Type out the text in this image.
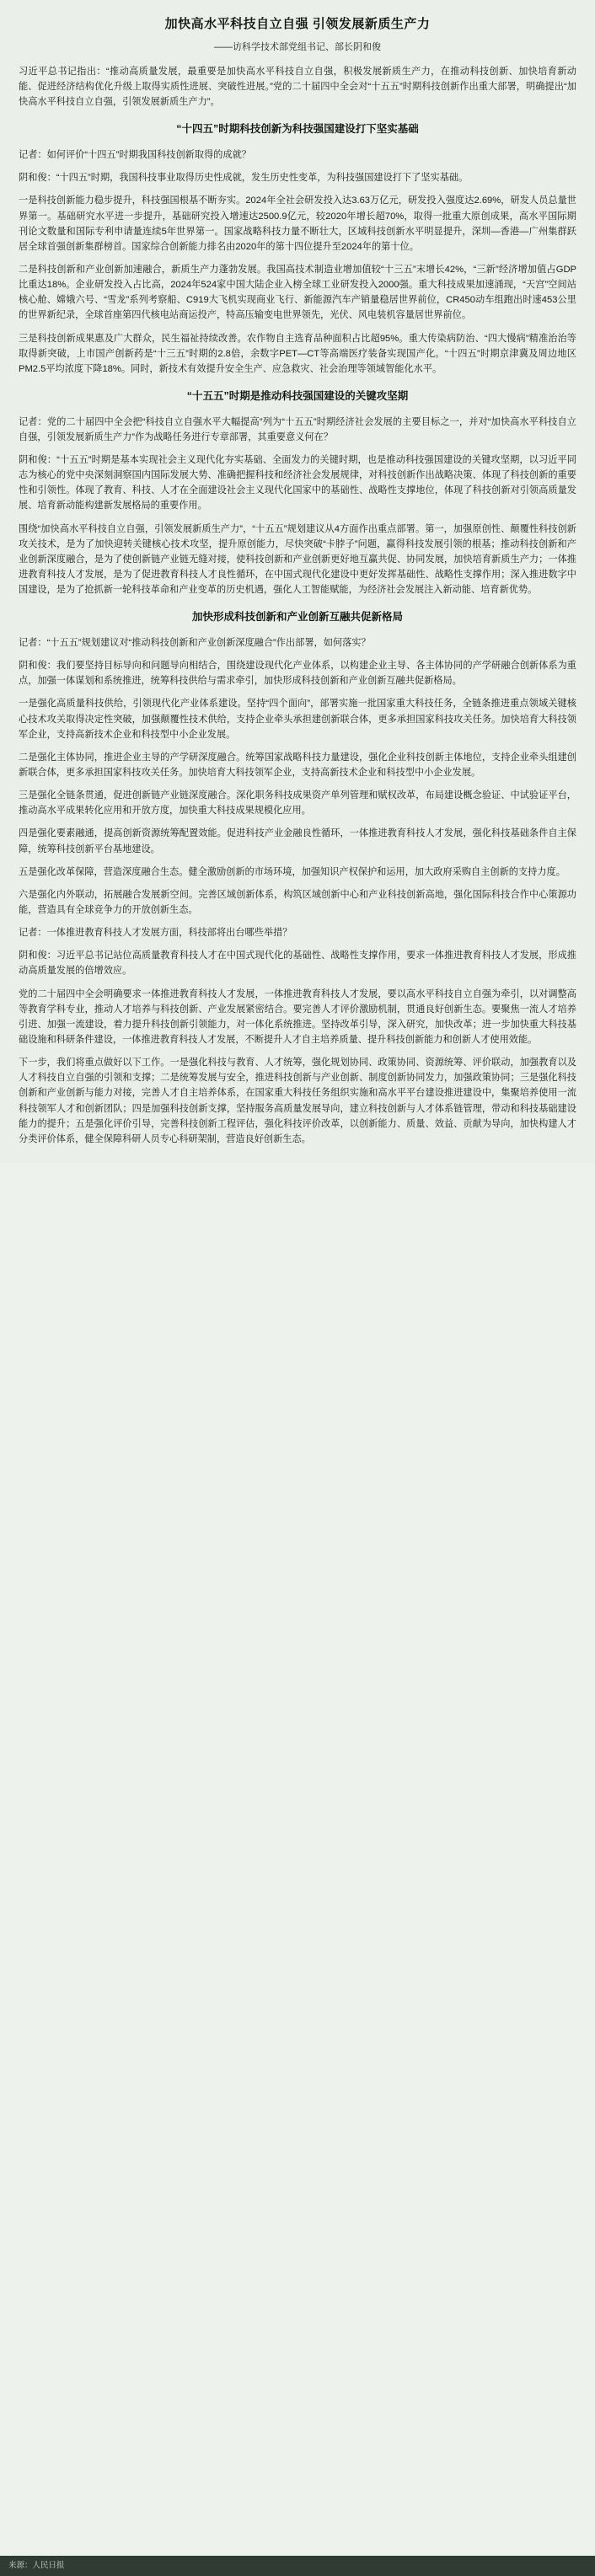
加快高水平科技自立自强 引领发展新质生产力
——访科学技术部党组书记、部长阴和俊

习近平总书记指出：“推动高质量发展，最重要是加快高水平科技自立自强，积极发展新质生产力，在推动科技创新、加快培育新动能、促进经济结构优化升级上取得实质性进展、突破性进展。”党的二十届四中全会对“十五五”时期科技创新作出重大部署，明确提出“加快高水平科技自立自强，引领发展新质生产力”。

“十四五”时期科技创新为科技强国建设打下坚实基础

记者：如何评价“十四五”时期我国科技创新取得的成就？

阴和俊：“十四五”时期，我国科技事业取得历史性成就，发生历史性变革，为科技强国建设打下了坚实基础。

一是科技创新能力稳步提升，科技强国根基不断夯实。2024年全社会研发投入达3.63万亿元，研发投入强度达2.69%，研发人员总量世界第一。基础研究水平进一步提升，基础研究投入增速达2500.9亿元，较2020年增长超70%，取得一批重大原创成果，高水平国际期刊论文数量和国际专利申请量连续5年世界第一。国家战略科技力量不断壮大，区域科技创新水平明显提升，深圳—香港—广州集群跃居全球首强创新集群榜首。国家综合创新能力排名由2020年的第十四位提升至2024年的第十位。

二是科技创新和产业创新加速融合，新质生产力蓬勃发展。我国高技术制造业增加值较“十三五”末增长42%，“三新”经济增加值占GDP比重达18%。企业研发投入占比高，2024年524家中国大陆企业入榜全球工业研发投入2000强。重大科技成果加速涌现，“天宫”空间站核心舱、嫦娥六号、“雪龙”系列考察船、C919大飞机实现商业飞行、新能源汽车产销量稳居世界前位，CR450动车组跑出时速453公里的世界新纪录，全球首座第四代核电站商运投产，特高压输变电世界领先，光伏、风电装机容量居世界前位。

三是科技创新成果惠及广大群众，民生福祉持续改善。农作物自主选育品种面积占比超95%。重大传染病防治、“四大慢病”精准治治等取得新突破，上市国产创新药是“十三五”时期的2.8倍，余数字PET—CT等高端医疗装备实现国产化。“十四五”时期京津冀及周边地区PM2.5平均浓度下降18%。同时，新技术有效提升安全生产、应急救灾、社会治理等领域智能化水平。

“十五五”时期是推动科技强国建设的关键攻坚期

记者：党的二十届四中全会把“科技自立自强水平大幅提高”列为“十五五”时期经济社会发展的主要目标之一，并对“加快高水平科技自立自强，引领发展新质生产力”作为战略任务进行专章部署，其重要意义何在？

阴和俊：“十五五”时期是基本实现社会主义现代化夯实基础、全面发力的关键时期，也是推动科技强国建设的关键攻坚期，以习近平同志为核心的党中央深刻洞察国内国际发展大势、准确把握科技和经济社会发展规律，对科技创新作出战略决策、体现了科技创新的重要性和引领性。体现了教育、科技、人才在全面建设社会主义现代化国家中的基础性、战略性支撑地位，体现了科技创新对引领高质量发展、培育新动能构建新发展格局的重要作用。

围绕“加快高水平科技自立自强，引领发展新质生产力”，“十五五”规划建议从4方面作出重点部署。第一，加强原创性、颠覆性科技创新攻关技术，是为了加快迎转关键核心技术攻坚，提升原创能力，尽快突破“卡脖子”问题，赢得科技发展引领的根基；推动科技创新和产业创新深度融合，是为了使创新链产业链无缝对接，使科技创新和产业创新更好地互赢共促、协同发展，加快培育新质生产力；一体推进教育科技人才发展，是为了促进教育科技人才良性循环，在中国式现代化建设中更好发挥基础性、战略性支撑作用；深入推进数字中国建设，是为了抢抓新一轮科技革命和产业变革的历史机遇，强化人工智能赋能，为经济社会发展注入新动能、培育新优势。

加快形成科技创新和产业创新互融共促新格局

记者：“十五五”规划建议对“推动科技创新和产业创新深度融合”作出部署，如何落实？

阴和俊：我们要坚持目标导向和问题导向相结合，围绕建设现代化产业体系，以构建企业主导、各主体协同的产学研融合创新体系为重点，加强一体谋划和系统推进，统筹科技供给与需求牵引，加快形成科技创新和产业创新互融共促新格局。

一是强化高质量科技供给，引领现代化产业体系建设。坚持“四个面向”，部署实施一批国家重大科技任务，全链条推进重点领域关键核心技术攻关取得决定性突破，加强颠覆性技术供给，支持企业牵头承担建创新联合体，更多承担国家科技攻关任务。加快培育大科技领军企业，支持高新技术企业和科技型中小企业发展。

二是强化主体协同，推进企业主导的产学研深度融合。统筹国家战略科技力量建设，强化企业科技创新主体地位，支持企业牵头组建创新联合体，更多承担国家科技攻关任务。加快培育大科技领军企业，支持高新技术企业和科技型中小企业发展。

三是强化全链条贯通，促进创新链产业链深度融合。深化职务科技成果资产单列管理和赋权改革，布局建设概念验证、中试验证平台，推动高水平成果转化应用和开放方度，加快重大科技成果规模化应用。

四是强化要素融通，提高创新资源统筹配置效能。促进科技产业金融良性循环，一体推进教育科技人才发展，强化科技基础条件自主保障，统筹科技创新平台基地建设。

五是强化改革保障，营造深度融合生态。健全激励创新的市场环境，加强知识产权保护和运用，加大政府采购自主创新的支持力度。

六是强化内外联动，拓展融合发展新空间。完善区域创新体系，构筑区域创新中心和产业科技创新高地，强化国际科技合作中心策源功能，营造具有全球竞争力的开放创新生态。

记者：一体推进教育科技人才发展方面，科技部将出台哪些举措？

阴和俊：习近平总书记站位高质量教育科技人才在中国式现代化的基础性、战略性支撑作用，要求一体推进教育科技人才发展，形成推动高质量发展的倍增效应。

党的二十届四中全会明确要求一体推进教育科技人才发展，一体推进教育科技人才发展，要以高水平科技自立自强为牵引，以对调整高等教育学科专业，推动人才培养与科技创新、产业发展紧密结合。要完善人才评价激励机制，贯通良好创新生态。要聚焦一流人才培养引进、加强一流建设，着力提升科技创新引领能力，对一体化系统推进。坚持改革引导，深入研究，加快改革；进一步加快重大科技基础设施和科研条件建设，一体推进教育科技人才发展，不断提升人才自主培养质量、提升科技创新能力和创新人才使用效能。

下一步，我们将重点做好以下工作。一是强化科技与教育、人才统筹，强化规划协同、政策协同、资源统筹、评价联动，加强教育以及人才科技自立自强的引领和支撑；二是统筹发展与安全，推进科技创新与产业创新、制度创新协同发力，加强政策协同；三是强化科技创新和产业创新与能力对接，完善人才自主培养体系，在国家重大科技任务组织实施和高水平平台建设推进建设中，集聚培养使用一流科技领军人才和创新团队；四是加强科技创新支撑，坚持服务高质量发展导向，建立科技创新与人才体系链管理，带动和科技基础建设能力的提升；五是强化评价引导，完善科技创新工程评估，强化科技评价改革，以创新能力、质量、效益、贡献为导向，加快构建人才分类评价体系，健全保障科研人员专心科研架制，营造良好创新生态。

来源：人民日报
